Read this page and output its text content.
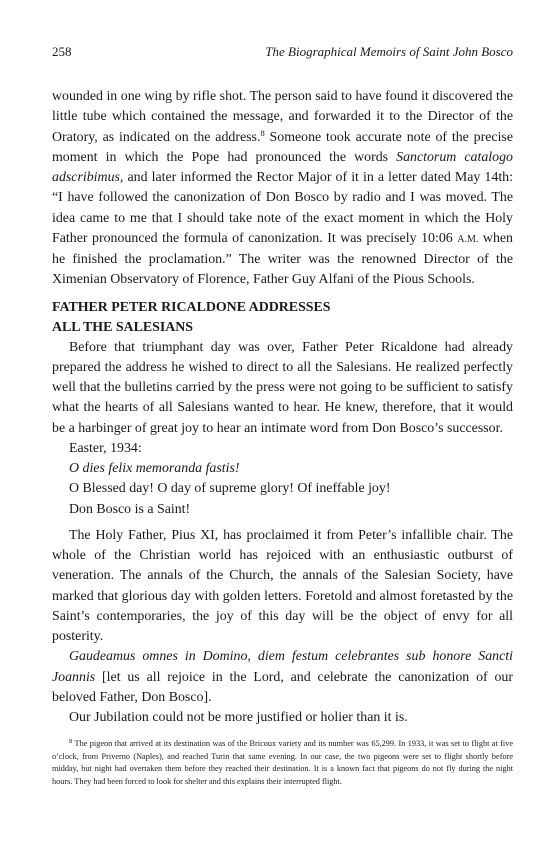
258	The Biographical Memoirs of Saint John Bosco

wounded in one wing by rifle shot. The person said to have found it discovered the little tube which contained the message, and forwarded it to the Director of the Oratory, as indicated on the address.$^8$ Someone took accurate note of the precise moment in which the Pope had pronounced the words Sanctorum catalogo adscribimus, and later informed the Rector Major of it in a letter dated May 14th: “I have followed the canonization of Don Bosco by radio and I was moved. The idea came to me that I should take note of the exact moment in which the Holy Father pronounced the formula of canonization. It was precisely 10:06 A.M. when he finished the proclamation.” The writer was the renowned Director of the Ximenian Observatory of Florence, Father Guy Alfani of the Pious Schools.

FATHER PETER RICALDONE ADDRESSES
ALL THE SALESIANS

Before that triumphant day was over, Father Peter Ricaldone had already prepared the address he wished to direct to all the Salesians. He realized perfectly well that the bulletins carried by the press were not going to be sufficient to satisfy what the hearts of all Salesians wanted to hear. He knew, therefore, that it would be a harbinger of great joy to hear an intimate word from Don Bosco’s successor.

Easter, 1934:

O dies felix memoranda fastis!

O Blessed day! O day of supreme glory! Of ineffable joy!

Don Bosco is a Saint!

The Holy Father, Pius XI, has proclaimed it from Peter’s infallible chair. The whole of the Christian world has rejoiced with an enthusiastic outburst of veneration. The annals of the Church, the annals of the Salesian Society, have marked that glorious day with golden letters. Foretold and almost foretasted by the Saint’s contemporaries, the joy of this day will be the object of envy for all posterity.

Gaudeamus omnes in Domino, diem festum celebrantes sub honore Sancti Joannis [let us all rejoice in the Lord, and celebrate the canonization of our beloved Father, Don Bosco].

Our Jubilation could not be more justified or holier than it is.

$^8$ The pigeon that arrived at its destination was of the Bricoux variety and its number was 65,299. In 1933, it was set to flight at five o’clock, from Priverno (Naples), and reached Turin that same evening. In our case, the two pigeons were set to flight shortly before midday, but night had overtaken them before they reached their destination. It is a known fact that pigeons do not fly during the night hours. They had been forced to look for shelter and this explains their interrupted flight.
